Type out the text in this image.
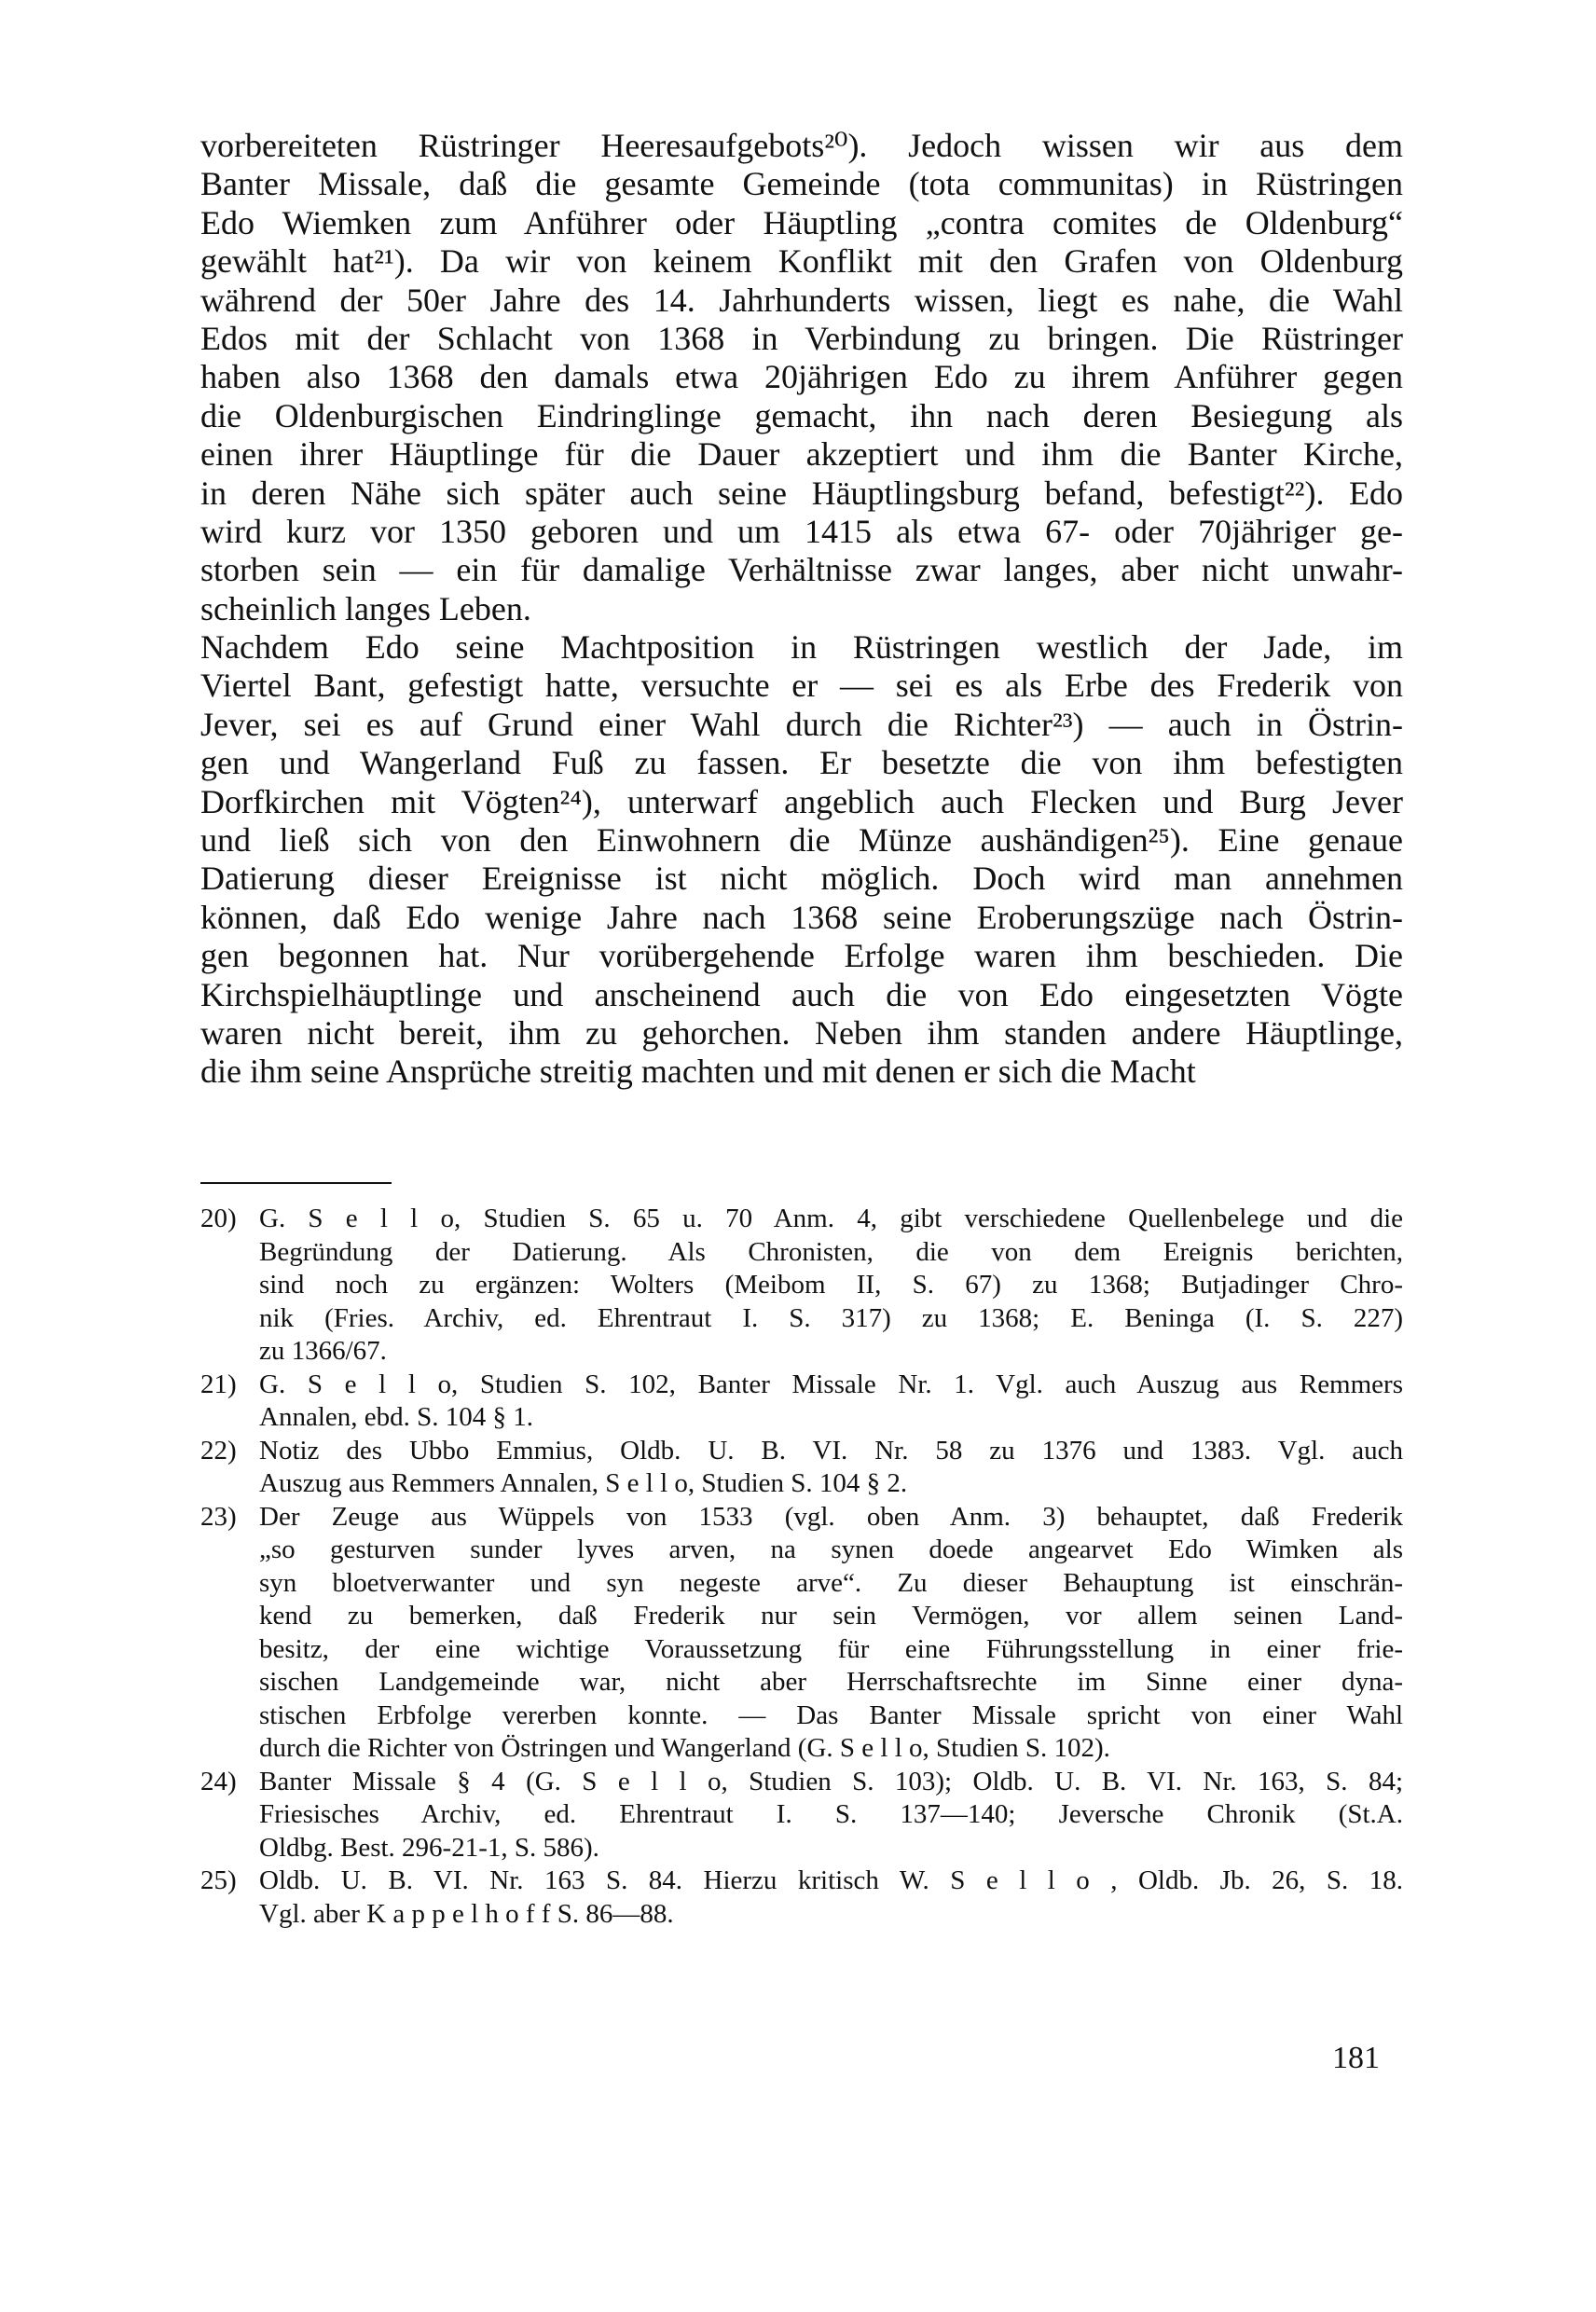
vorbereiteten Rüstringer Heeresaufgebots²⁰). Jedoch wissen wir aus dem
Banter Missale, daß die gesamte Gemeinde (tota communitas) in Rüstringen
Edo Wiemken zum Anführer oder Häuptling „contra comites de Oldenburg“
gewählt hat²¹). Da wir von keinem Konflikt mit den Grafen von Oldenburg
während der 50er Jahre des 14. Jahrhunderts wissen, liegt es nahe, die Wahl
Edos mit der Schlacht von 1368 in Verbindung zu bringen. Die Rüstringer
haben also 1368 den damals etwa 20jährigen Edo zu ihrem Anführer gegen
die Oldenburgischen Eindringlinge gemacht, ihn nach deren Besiegung als
einen ihrer Häuptlinge für die Dauer akzeptiert und ihm die Banter Kirche,
in deren Nähe sich später auch seine Häuptlingsburg befand, befestigt²²). Edo
wird kurz vor 1350 geboren und um 1415 als etwa 67- oder 70jähriger ge-
storben sein — ein für damalige Verhältnisse zwar langes, aber nicht unwahr-
scheinlich langes Leben.
Nachdem Edo seine Machtposition in Rüstringen westlich der Jade, im
Viertel Bant, gefestigt hatte, versuchte er — sei es als Erbe des Frederik von
Jever, sei es auf Grund einer Wahl durch die Richter²³) — auch in Östrin-
gen und Wangerland Fuß zu fassen. Er besetzte die von ihm befestigten
Dorfkirchen mit Vögten²⁴), unterwarf angeblich auch Flecken und Burg Jever
und ließ sich von den Einwohnern die Münze aushändigen²⁵). Eine genaue
Datierung dieser Ereignisse ist nicht möglich. Doch wird man annehmen
können, daß Edo wenige Jahre nach 1368 seine Eroberungszüge nach Östrin-
gen begonnen hat. Nur vorübergehende Erfolge waren ihm beschieden. Die
Kirchspielhäuptlinge und anscheinend auch die von Edo eingesetzten Vögte
waren nicht bereit, ihm zu gehorchen. Neben ihm standen andere Häuptlinge,
die ihm seine Ansprüche streitig machten und mit denen er sich die Macht
20) G. S e l l o, Studien S. 65 u. 70 Anm. 4, gibt verschiedene Quellenbelege und die
Begründung der Datierung. Als Chronisten, die von dem Ereignis berichten,
sind noch zu ergänzen: Wolters (Meibom II, S. 67) zu 1368; Butjadinger Chro-
nik (Fries. Archiv, ed. Ehrentraut I. S. 317) zu 1368; E. Beninga (I. S. 227)
zu 1366/67.
21) G. S e l l o, Studien S. 102, Banter Missale Nr. 1. Vgl. auch Auszug aus Remmers
Annalen, ebd. S. 104 § 1.
22) Notiz des Ubbo Emmius, Oldb. U. B. VI. Nr. 58 zu 1376 und 1383. Vgl. auch
Auszug aus Remmers Annalen, S e l l o, Studien S. 104 § 2.
23) Der Zeuge aus Wüppels von 1533 (vgl. oben Anm. 3) behauptet, daß Frederik
„so gesturven sunder lyves arven, na synen doede angearvet Edo Wimken als
syn bloetverwanter und syn negeste arve“. Zu dieser Behauptung ist einschrän-
kend zu bemerken, daß Frederik nur sein Vermögen, vor allem seinen Land-
besitz, der eine wichtige Voraussetzung für eine Führungsstellung in einer frie-
sischen Landgemeinde war, nicht aber Herrschaftsrechte im Sinne einer dyna-
stischen Erbfolge vererben konnte. — Das Banter Missale spricht von einer Wahl
durch die Richter von Östringen und Wangerland (G. S e l l o, Studien S. 102).
24) Banter Missale § 4 (G. S e l l o, Studien S. 103); Oldb. U. B. VI. Nr. 163, S. 84;
Friesisches Archiv, ed. Ehrentraut I. S. 137—140; Jeversche Chronik (St.A.
Oldbg. Best. 296-21-1, S. 586).
25) Oldb. U. B. VI. Nr. 163 S. 84. Hierzu kritisch W. S e l l o , Oldb. Jb. 26, S. 18.
Vgl. aber K a p p e l h o f f S. 86—88.
181
